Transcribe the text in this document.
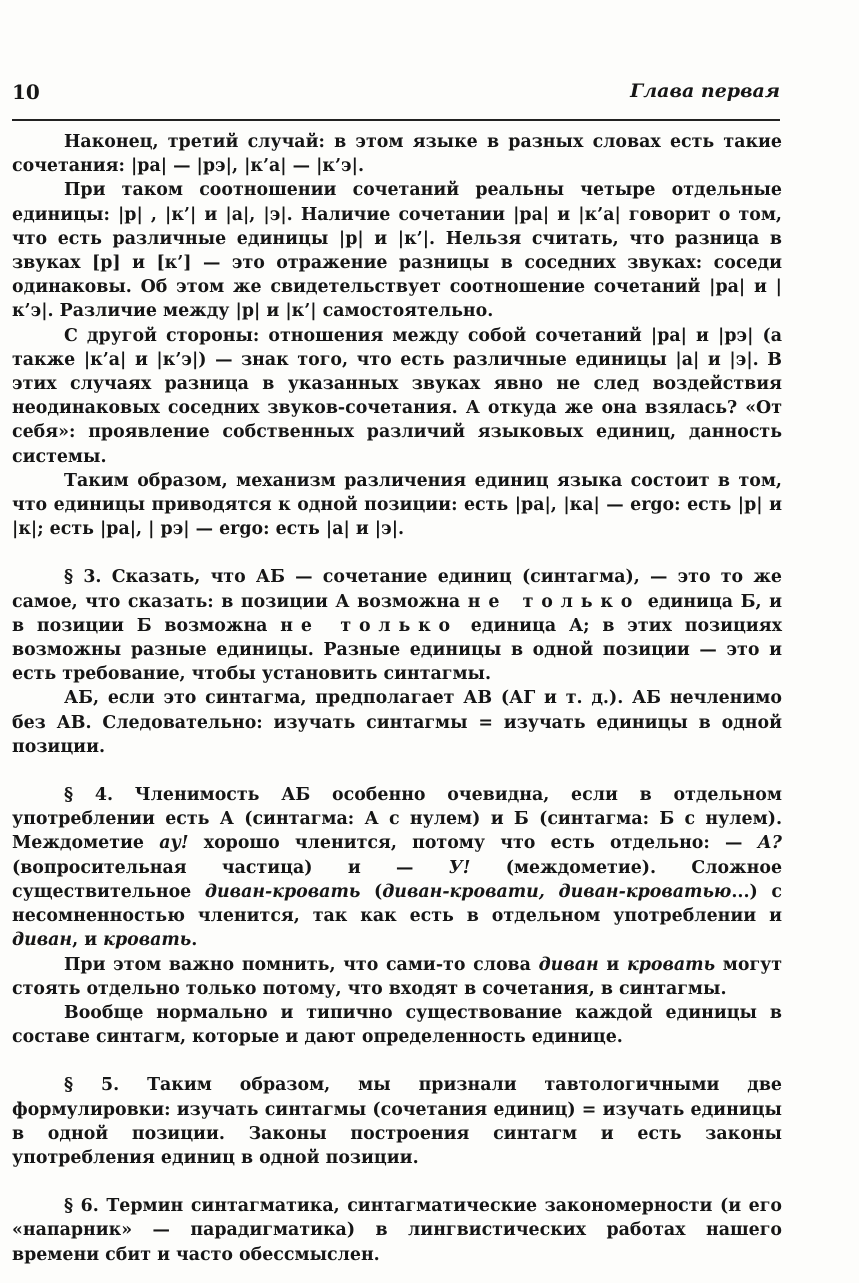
10	Глава первая

Наконец, третий случай: в этом языке в разных словах есть такие сочетания: |ра| — |рэ|, |к’а| — |к’э|.

При таком соотношении сочетаний реальны четыре отдельные единицы: |р| , |к’| и |а|, |э|. Наличие сочетании |ра| и |к’а| говорит о том, что есть различные единицы |р| и |к’|. Нельзя считать, что разница в звуках [р] и [к’] — это отражение разницы в соседних звуках: соседи одинаковы. Об этом же свидетельствует соотношение сочетаний |ра| и |к’э|. Различие между |р| и |к’| самостоятельно.

С другой стороны: отношения между собой сочетаний |ра| и |рэ| (а также |к’а| и |к’э|) — знак того, что есть различные единицы |а| и |э|. В этих случаях разница в указанных звуках явно не след воздействия неодинаковых соседних звуков-сочетания. А откуда же она взялась? «От себя»: проявление собственных различий языковых единиц, данность системы.

Таким образом, механизм различения единиц языка состоит в том, что единицы приводятся к одной позиции: есть |ра|, |ка| — ergo: есть |р| и |к|; есть |ра|, | рэ| — ergo: есть |а| и |э|.

§ 3. Сказать, что АБ — сочетание единиц (синтагма), — это то же самое, что сказать: в позиции А возможна не только единица Б, и в позиции Б возможна не только единица А; в этих позициях возможны разные единицы. Разные единицы в одной позиции — это и есть требование, чтобы установить синтагмы.

АБ, если это синтагма, предполагает АВ (АГ и т. д.). АБ нечленимо без АВ. Следовательно: изучать синтагмы = изучать единицы в одной позиции.

§ 4. Членимость АБ особенно очевидна, если в отдельном употреблении есть А (синтагма: А с нулем) и Б (синтагма: Б с нулем). Междометие ау! хорошо членится, потому что есть отдельно: — А? (вопросительная частица) и — У! (междометие). Сложное существительное диван-кровать (диван-кровати, диван-кроватью...) с несомненностью членится, так как есть в отдельном употреблении и диван, и кровать.

При этом важно помнить, что сами-то слова диван и кровать могут стоять отдельно только потому, что входят в сочетания, в синтагмы.

Вообще нормально и типично существование каждой единицы в составе синтагм, которые и дают определенность единице.

§ 5. Таким образом, мы признали тавтологичными две формулировки: изучать синтагмы (сочетания единиц) = изучать единицы в одной позиции. Законы построения синтагм и есть законы употребления единиц в одной позиции.

§ 6. Термин синтагматика, синтагматические закономерности (и его «напарник» — парадигматика) в лингвистических работах нашего времени сбит и часто обессмыслен.
